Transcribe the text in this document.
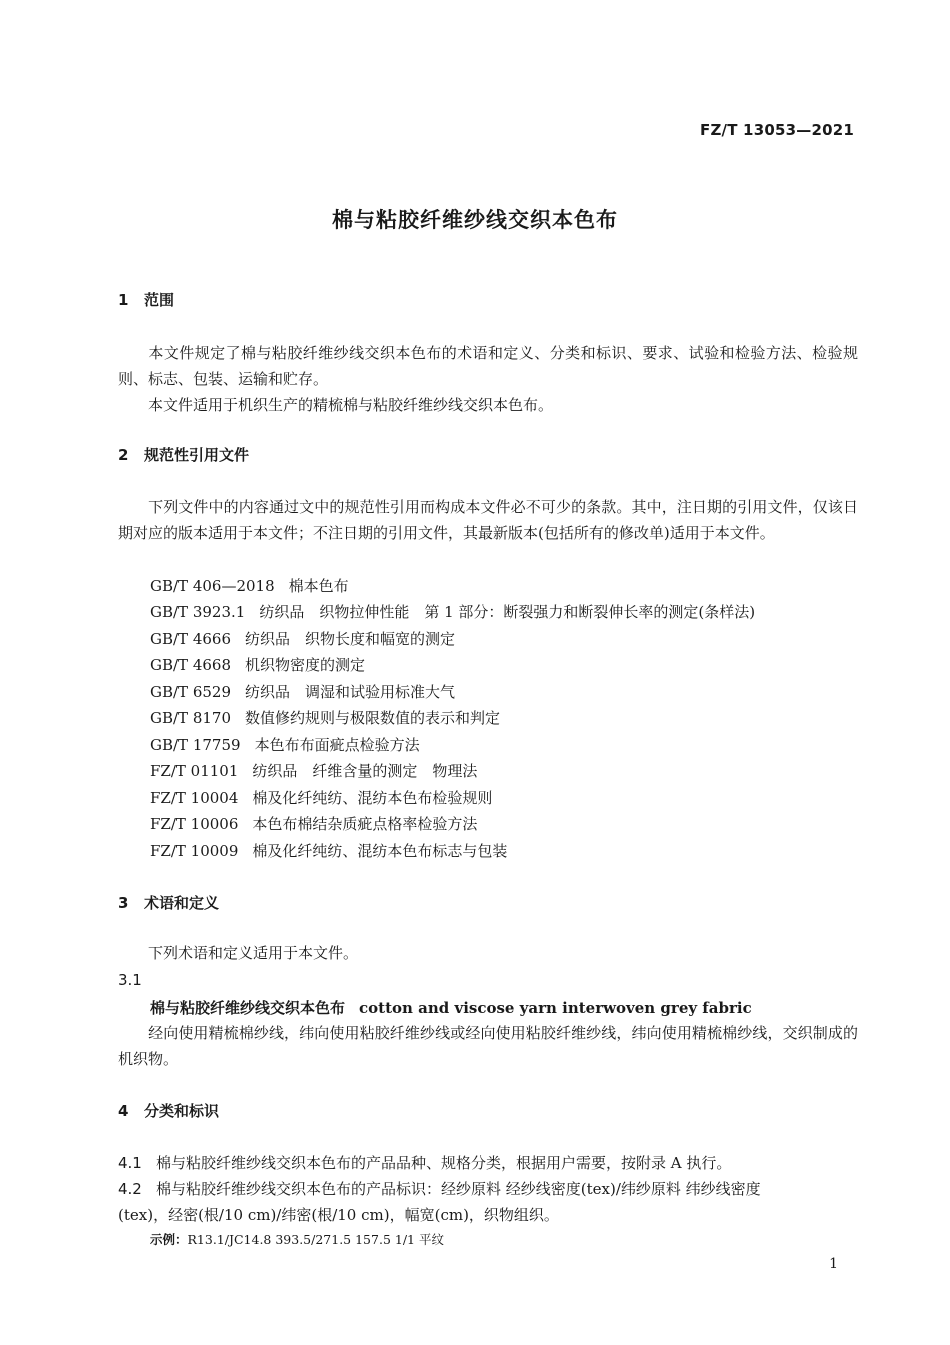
FZ/T 13053—2021
棉与粘胶纤维纱线交织本色布
1 范围
本文件规定了棉与粘胶纤维纱线交织本色布的术语和定义、分类和标识、要求、试验和检验方法、检验规则、标志、包装、运输和贮存。
本文件适用于机织生产的精梳棉与粘胶纤维纱线交织本色布。
2 规范性引用文件
下列文件中的内容通过文中的规范性引用而构成本文件必不可少的条款。其中，注日期的引用文件，仅该日期对应的版本适用于本文件；不注日期的引用文件，其最新版本(包括所有的修改单)适用于本文件。
GB/T 406—2018 棉本色布
GB/T 3923.1 纺织品　织物拉伸性能　第 1 部分：断裂强力和断裂伸长率的测定(条样法)
GB/T 4666 纺织品　织物长度和幅宽的测定
GB/T 4668 机织物密度的测定
GB/T 6529 纺织品　调湿和试验用标准大气
GB/T 8170 数值修约规则与极限数值的表示和判定
GB/T 17759 本色布布面疵点检验方法
FZ/T 01101 纺织品　纤维含量的测定　物理法
FZ/T 10004 棉及化纤纯纺、混纺本色布检验规则
FZ/T 10006 本色布棉结杂质疵点格率检验方法
FZ/T 10009 棉及化纤纯纺、混纺本色布标志与包装
3 术语和定义
下列术语和定义适用于本文件。
3.1
棉与粘胶纤维纱线交织本色布 cotton and viscose yarn interwoven grey fabric
经向使用精梳棉纱线，纬向使用粘胶纤维纱线或经向使用粘胶纤维纱线，纬向使用精梳棉纱线，交织制成的机织物。
4 分类和标识
4.1 棉与粘胶纤维纱线交织本色布的产品品种、规格分类，根据用户需要，按附录 A 执行。
4.2 棉与粘胶纤维纱线交织本色布的产品标识：经纱原料 经纱线密度(tex)/纬纱原料 纬纱线密度
(tex)，经密(根/10 cm)/纬密(根/10 cm)，幅宽(cm)，织物组织。
示例：R13.1/JC14.8 393.5/271.5 157.5 1/1 平纹
1
